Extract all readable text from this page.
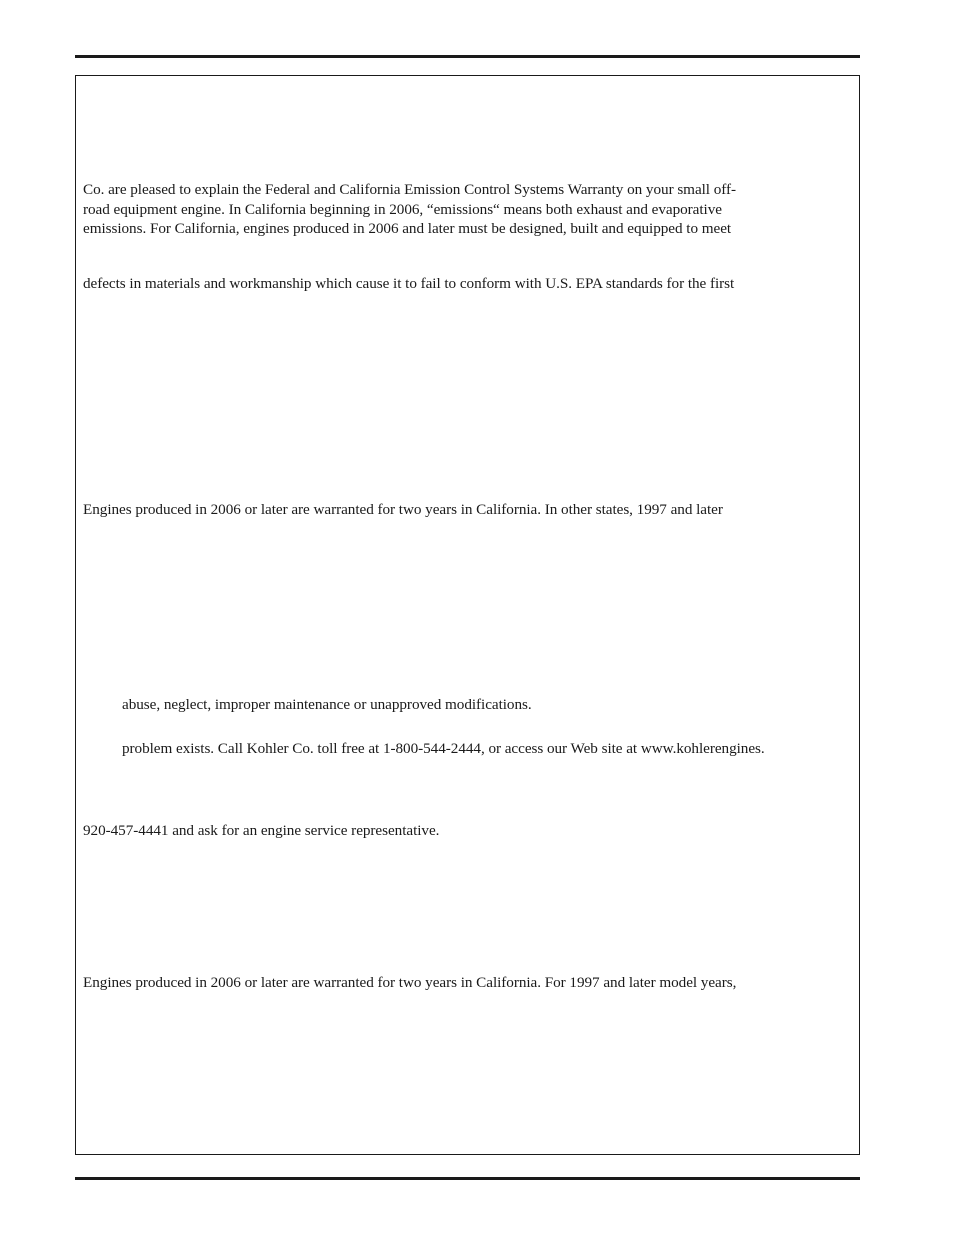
Co. are pleased to explain the Federal and California Emission Control Systems Warranty on your small off-
road equipment engine. In California beginning in 2006, “emissions“ means both exhaust and evaporative
emissions. For California, engines produced in 2006 and later must be designed, built and equipped to meet
defects in materials and workmanship which cause it to fail to conform with U.S. EPA standards for the first
Engines produced in 2006 or later are warranted for two years in California. In other states, 1997 and later
abuse, neglect, improper maintenance or unapproved modifications.
problem exists. Call Kohler Co. toll free at 1-800-544-2444, or access our Web site at www.kohlerengines.
920-457-4441 and ask for an engine service representative.
Engines produced in 2006 or later are warranted for two years in California. For 1997 and later model years,
